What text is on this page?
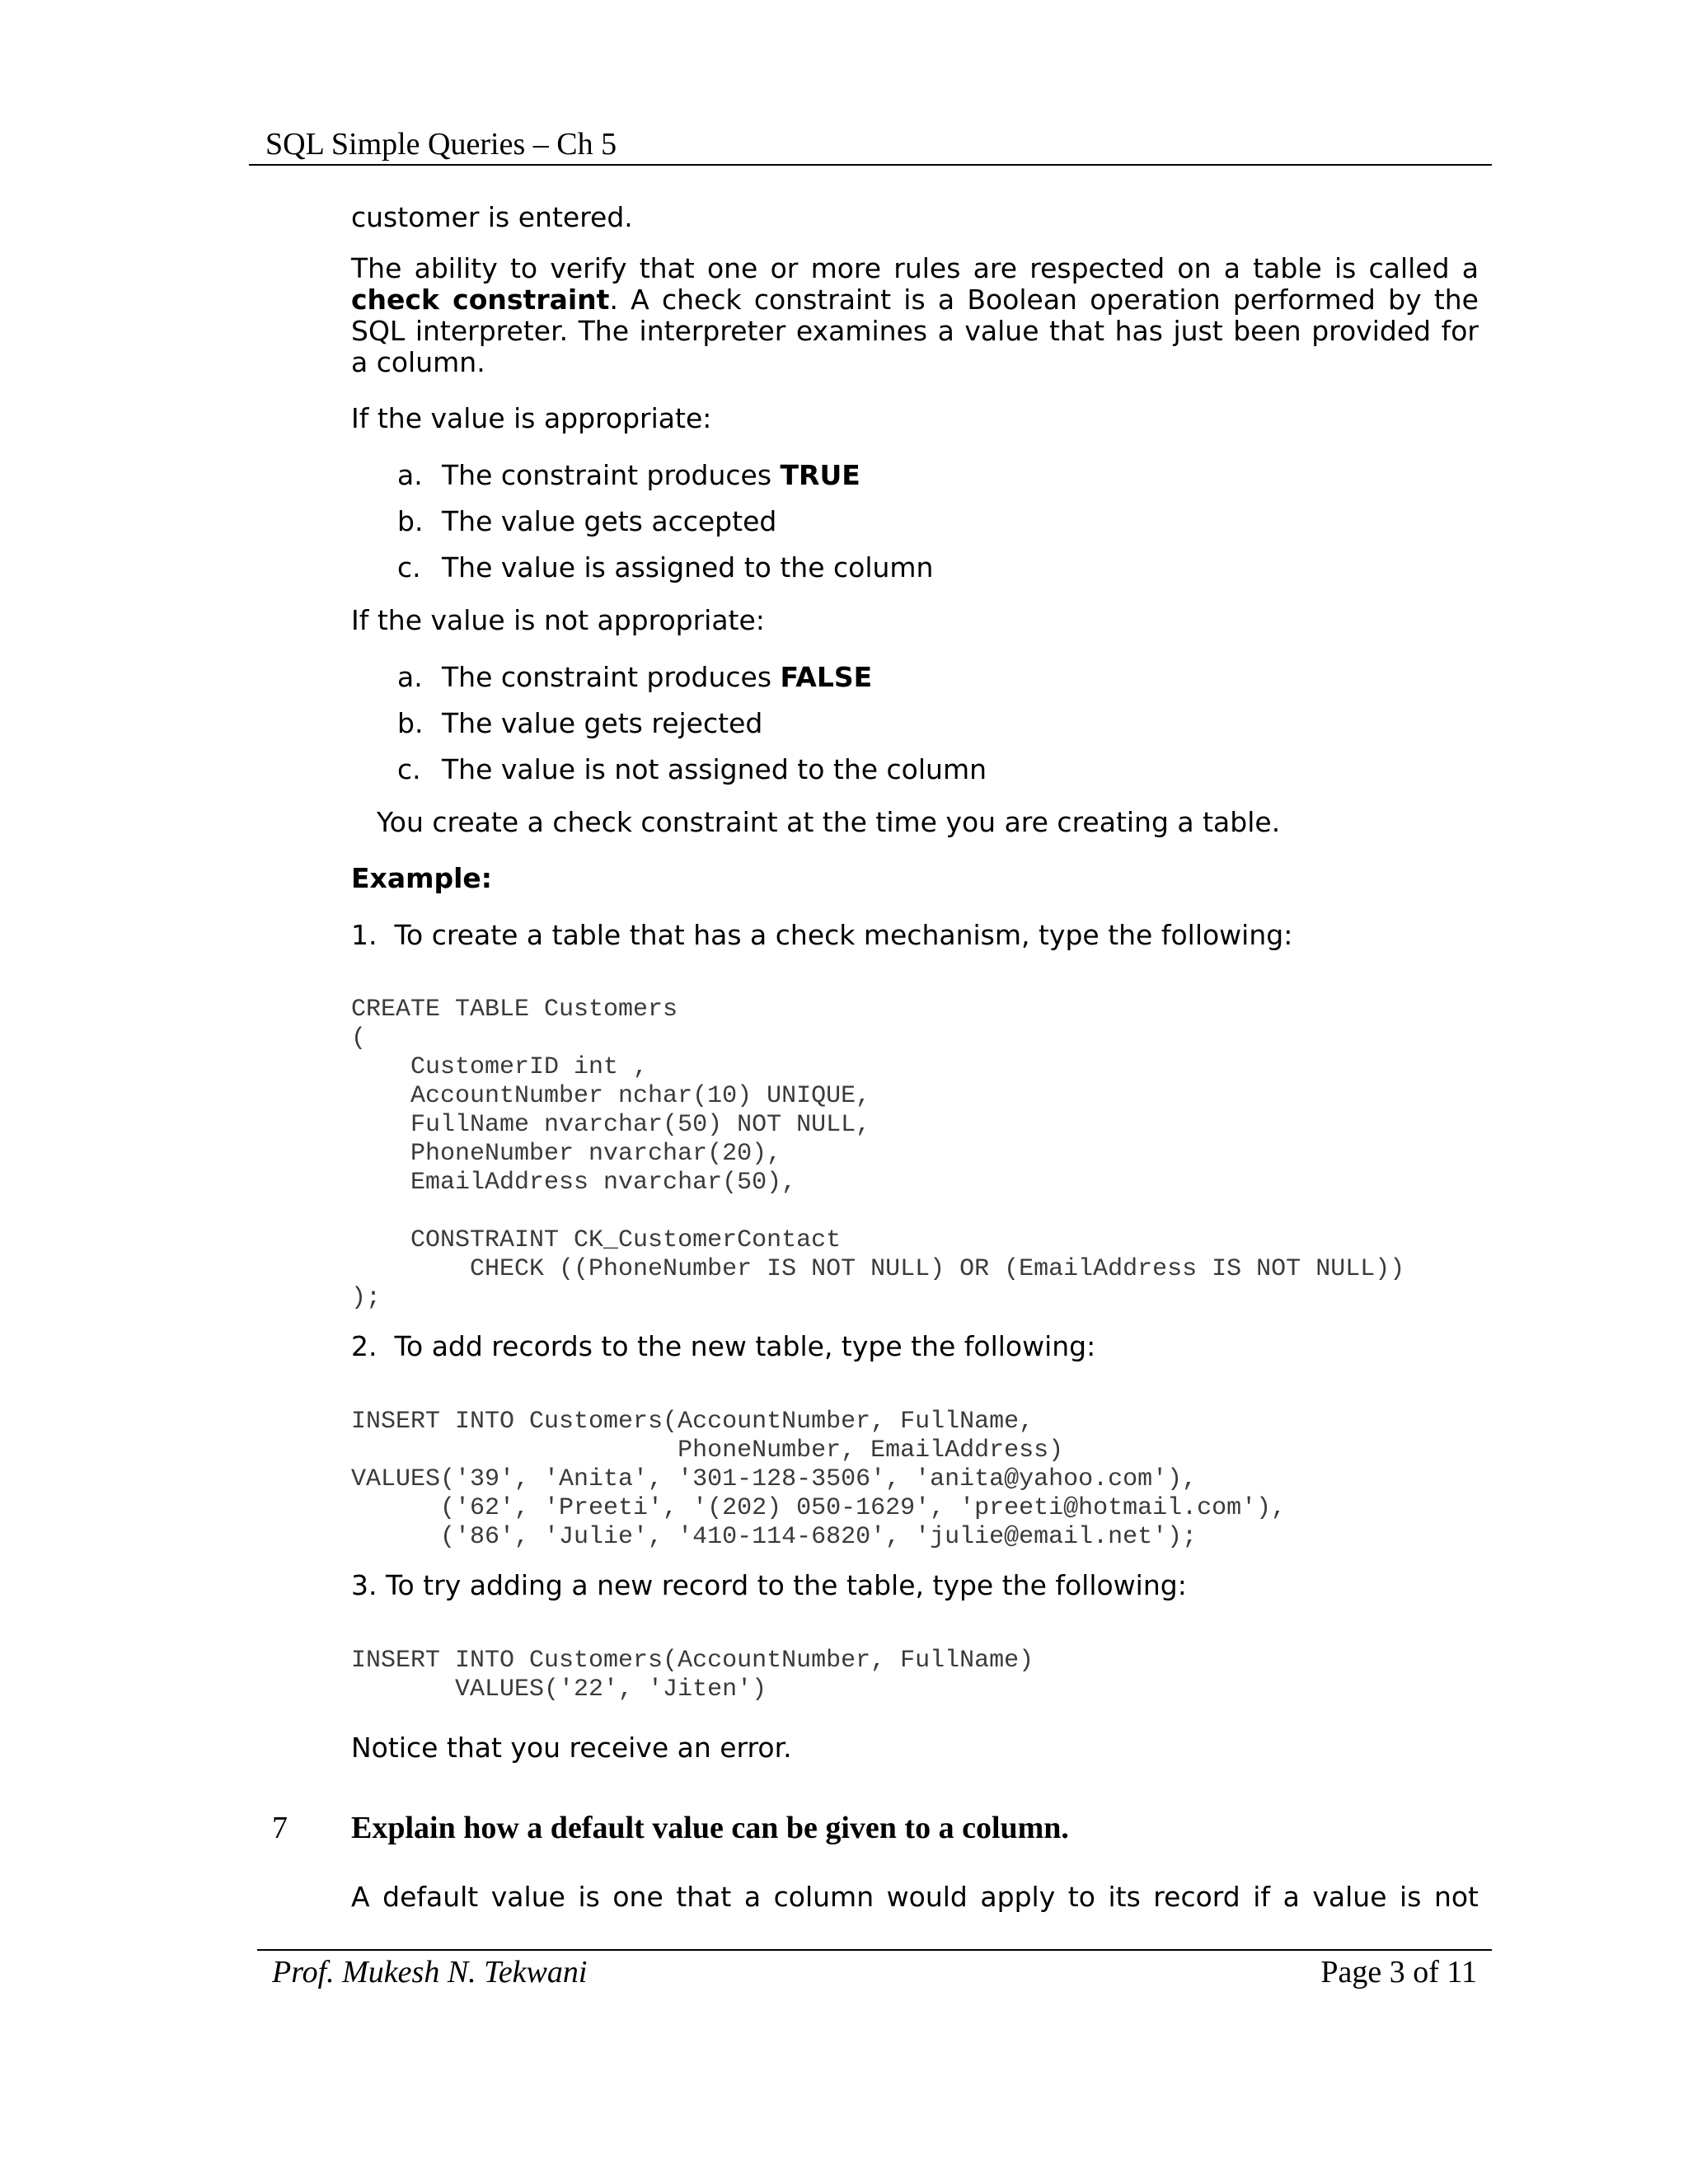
SQL Simple Queries – Ch 5

customer is entered.

The ability to verify that one or more rules are respected on a table is called a check constraint. A check constraint is a Boolean operation performed by the SQL interpreter. The interpreter examines a value that has just been provided for a column.

If the value is appropriate:

a. The constraint produces TRUE
b. The value gets accepted
c. The value is assigned to the column

If the value is not appropriate:

a. The constraint produces FALSE
b. The value gets rejected
c. The value is not assigned to the column

You create a check constraint at the time you are creating a table.

Example:

1.  To create a table that has a check mechanism, type the following:

CREATE TABLE Customers
(
CustomerID int ,
AccountNumber nchar(10) UNIQUE,
FullName nvarchar(50) NOT NULL,
PhoneNumber nvarchar(20),
EmailAddress nvarchar(50),

CONSTRAINT CK_CustomerContact
CHECK ((PhoneNumber IS NOT NULL) OR (EmailAddress IS NOT NULL))
);

2.  To add records to the new table, type the following:

INSERT INTO Customers(AccountNumber, FullName,
PhoneNumber, EmailAddress)
VALUES('39', 'Anita', '301-128-3506', 'anita@yahoo.com'),
('62', 'Preeti', '(202) 050-1629', 'preeti@hotmail.com'),
('86', 'Julie', '410-114-6820', 'julie@email.net');

3. To try adding a new record to the table, type the following:

INSERT INTO Customers(AccountNumber, FullName)
VALUES('22', 'Jiten')

Notice that you receive an error.

7 Explain how a default value can be given to a column.

A default value is one that a column would apply to its record if a value is not

Prof. Mukesh N. Tekwani	Page 3 of 11
